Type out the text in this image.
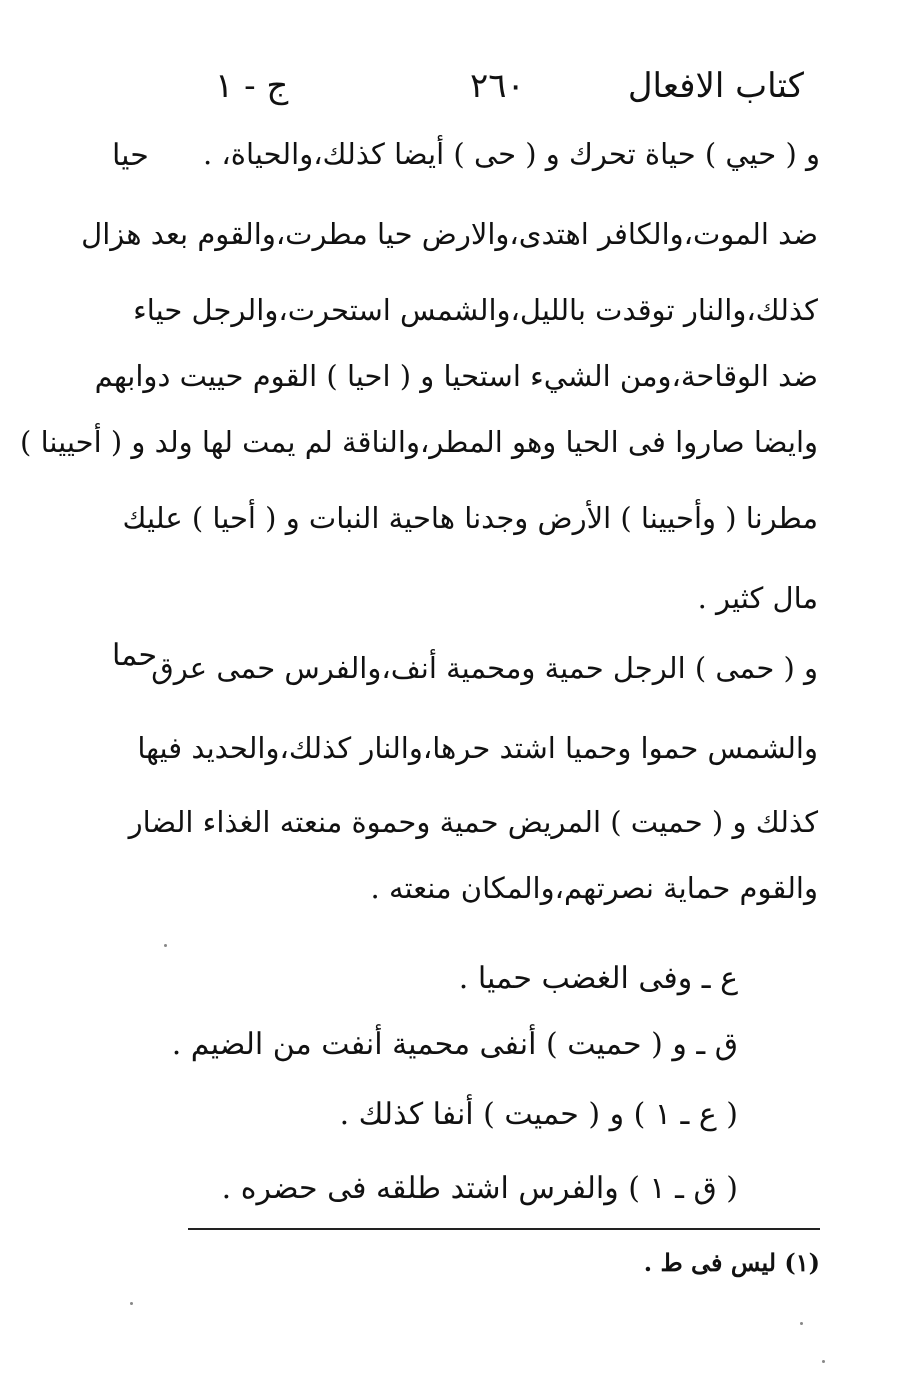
كتاب الافعال
٢٦٠
ج - ١
حيا
حما
و ( حيي ) حياة تحرك و ( حى ) أيضا كذلك،والحياة، .
ضد الموت،والكافر اهتدى،والارض حيا مطرت،والقوم بعد هزال
كذلك،والنار توقدت بالليل،والشمس استحرت،والرجل حياء
ضد الوقاحة،ومن الشيء استحيا و ( احيا ) القوم حييت دوابهم
وايضا صاروا فى الحيا وهو المطر،والناقة لم يمت لها ولد و ( أحيينا )
مطرنا ( وأحيينا ) الأرض وجدنا هاحية النبات و ( أحيا ) عليك
مال كثير .
و ( حمى ) الرجل حمية ومحمية أنف،والفرس حمى عرق
والشمس حموا وحميا اشتد حرها،والنار كذلك،والحديد فيها
كذلك و ( حميت ) المريض حمية وحموة منعته الغذاء الضار
والقوم حماية نصرتهم،والمكان منعته .
ع ـ وفى الغضب حميا .
ق ـ و ( حميت ) أنفى محمية أنفت من الضيم .
( ع ـ ١ ) و ( حميت ) أنفا كذلك .
( ق ـ ١ ) والفرس اشتد طلقه فى حضره .
(١) ليس فى ط .
